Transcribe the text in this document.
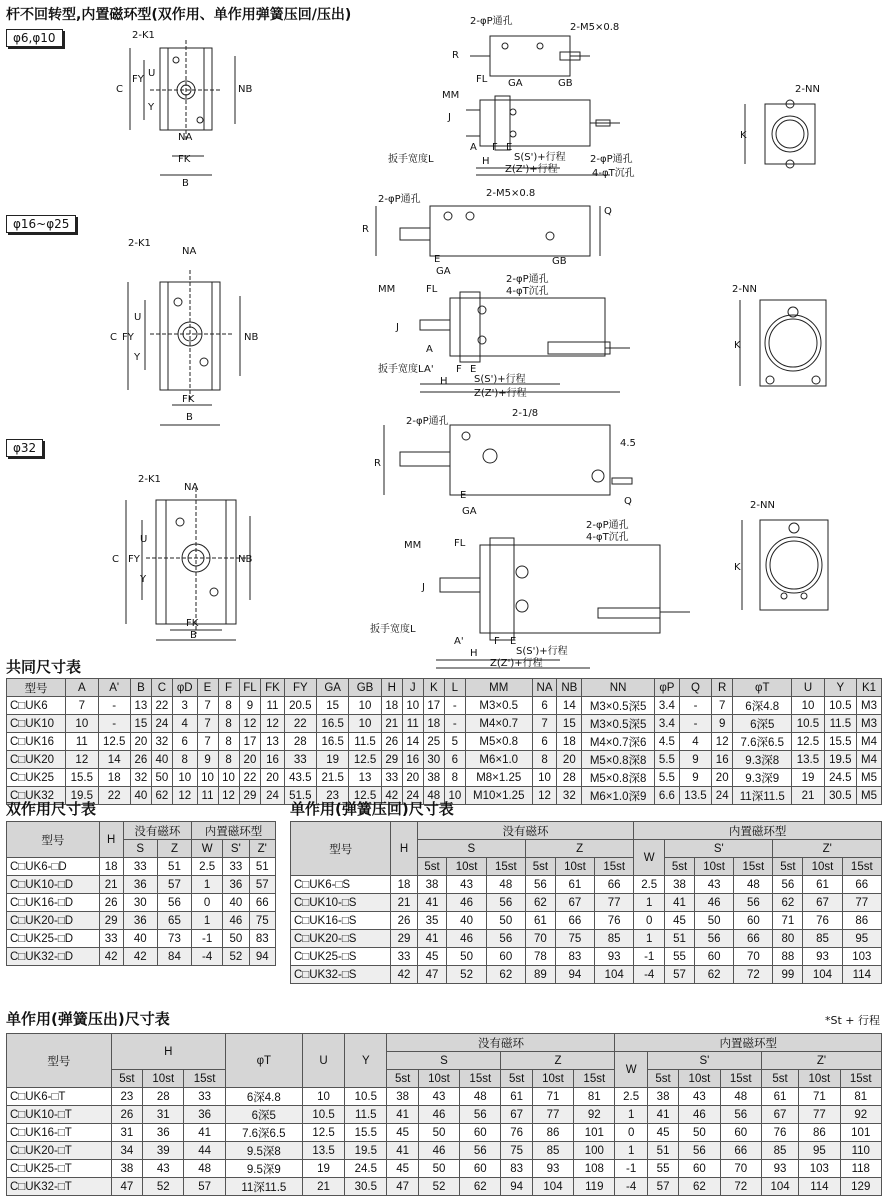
杆不回转型,内置磁环型(双作用、单作用弹簧压回/压出)
φ6,φ10
φ16~φ25
φ32
2-K1
C
FY
U
Y
NB
NA
FK
B
2-φP通孔
2-M5×0.8
R
FL GA	GB
MM
J
A F E
H S(S')+行程
Z(Z')+行程
扳手宽度L	2-φP通孔
4-φT沉孔
2-NN
K
2-K1
NA
C FY
U
Y
NB
FK
B
2-φP通孔
2-M5×0.8
R
Q
E
GA
GB
MM	FL
2-φP通孔
4-φT沉孔
J
A
扳手宽度L A' F E
H	S(S')+行程
Z(Z')+行程
2-NN
K
2-K1
NA
C FY
U
Y
NB
FK
B
2-φP通孔
2-1/8
R
4.5
E
GA
Q
2-φP通孔
4-φT沉孔
MM	FL
J
扳手宽度L
A'	F E
H	S(S')+行程
Z(Z')+行程
2-NN
K
共同尺寸表
型号	A	A'	B	C	φD	E	F	FL	FK	FY	GA	GB	H	J	K	L	MM	NA	NB	NN	φP	Q	R	φT	U	Y	K1
C□UK6	7	-	13	22	3	7	8	9	11	20.5	15	10	18	10	17	-	M3×0.5	6	14	M3×0.5深5	3.4	-	7	6深4.8	10	10.5	M3
C□UK10	10	-	15	24	4	7	8	12	12	22	16.5	10	21	11	18	-	M4×0.7	7	15	M3×0.5深5	3.4	-	9	6深5	10.5	11.5	M3
C□UK16	11	12.5	20	32	6	7	8	17	13	28	16.5	11.5	26	14	25	5	M5×0.8	6	18	M4×0.7深6	4.5	4	12	7.6深6.5	12.5	15.5	M4
C□UK20	12	14	26	40	8	9	8	20	16	33	19	12.5	29	16	30	6	M6×1.0	8	20	M5×0.8深8	5.5	9	16	9.3深8	13.5	19.5	M4
C□UK25	15.5	18	32	50	10	10	10	22	20	43.5	21.5	13	33	20	38	8	M8×1.25	10	28	M5×0.8深8	5.5	9	20	9.3深9	19	24.5	M5
C□UK32	19.5	22	40	62	12	11	12	29	24	51.5	23	12.5	42	24	48	10	M10×1.25	12	32	M6×1.0深9	6.6	13.5	24	11深11.5	21	30.5	M5
双作用尺寸表
型号	H	没有磁环		内置磁环型		
		S	Z	W	S'	Z'
C□UK6-□D	18	33	51	2.5	33	51
C□UK10-□D	21	36	57	1	36	57
C□UK16-□D	26	30	56	0	40	66
C□UK20-□D	29	36	65	1	46	75
C□UK25-□D	33	40	73	-1	50	83
C□UK32-□D	42	42	84	-4	52	94
单作用(弹簧压回)尺寸表
型号	H	没有磁环						内置磁环型						
		S			Z			W	S'			Z'		
		5st	10st	15st	5st	10st	15st		5st	10st	15st	5st	10st	15st
C□UK6-□S	18	38	43	48	56	61	66	2.5	38	43	48	56	61	66
C□UK10-□S	21	41	46	56	62	67	77	1	41	46	56	62	67	77
C□UK16-□S	26	35	40	50	61	66	76	0	45	50	60	71	76	86
C□UK20-□S	29	41	46	56	70	75	85	1	51	56	66	80	85	95
C□UK25-□S	33	45	50	60	78	83	93	-1	55	60	70	88	93	103
C□UK32-□S	42	47	52	62	89	94	104	-4	57	62	72	99	104	114
单作用(弹簧压出)尺寸表	*St + 行程
型号	H			φT	U	Y	没有磁环						内置磁环型						
							S			Z			W	S'			Z'		
	5st	10st	15st				5st	10st	15st	5st	10st	15st		5st	10st	15st	5st	10st	15st
C□UK6-□T	23	28	33	6深4.8	10	10.5	38	43	48	61	71	81	2.5	38	43	48	61	71	81
C□UK10-□T	26	31	36	6深5	10.5	11.5	41	46	56	67	77	92	1	41	46	56	67	77	92
C□UK16-□T	31	36	41	7.6深6.5	12.5	15.5	45	50	60	76	86	101	0	45	50	60	76	86	101
C□UK20-□T	34	39	44	9.5深8	13.5	19.5	41	46	56	75	85	100	1	51	56	66	85	95	110
C□UK25-□T	38	43	48	9.5深9	19	24.5	45	50	60	83	93	108	-1	55	60	70	93	103	118
C□UK32-□T	47	52	57	11深11.5	21	30.5	47	52	62	94	104	119	-4	57	62	72	104	114	129
